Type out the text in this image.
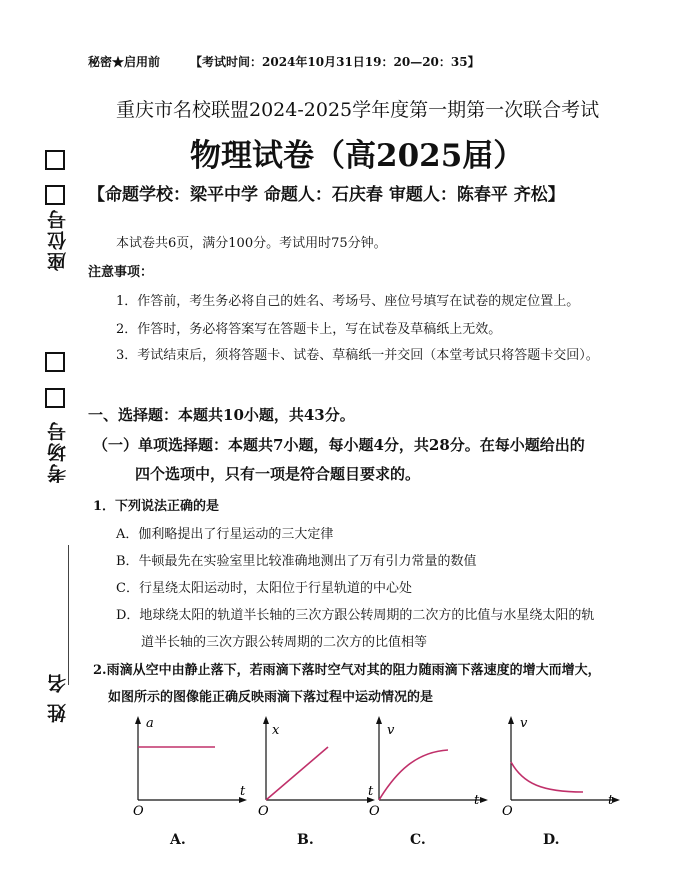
座位号
考场号
姓 名
秘密★启用前 【考试时间：2024年10月31日19：20—20：35】
重庆市名校联盟2024-2025学年度第一期第一次联合考试
物理试卷（高2025届）
【命题学校：梁平中学 命题人：石庆春 审题人：陈春平 齐松】
本试卷共6页，满分100分。考试用时75分钟。
注意事项：
1．作答前，考生务必将自己的姓名、考场号、座位号填写在试卷的规定位置上。
2．作答时，务必将答案写在答题卡上，写在试卷及草稿纸上无效。
3．考试结束后，须将答题卡、试卷、草稿纸一并交回（本堂考试只将答题卡交回）。
一、选择题：本题共10小题，共43分。
（一）单项选择题：本题共7小题，每小题4分，共28分。在每小题给出的
四个选项中，只有一项是符合题目要求的。
1．下列说法正确的是
A．伽利略提出了行星运动的三大定律
B．牛顿最先在实验室里比较准确地测出了万有引力常量的数值
C．行星绕太阳运动时，太阳位于行星轨道的中心处
D．地球绕太阳的轨道半长轴的三次方跟公转周期的二次方的比值与水星绕太阳的轨
道半长轴的三次方跟公转周期的二次方的比值相等
2.雨滴从空中由静止落下，若雨滴下落时空气对其的阻力随雨滴下落速度的增大而增大，
如图所示的图像能正确反映雨滴下落过程中运动情况的是
a
t
O
x
t
O
v
t
O
v
t
O
A.	B.	C.	D.
